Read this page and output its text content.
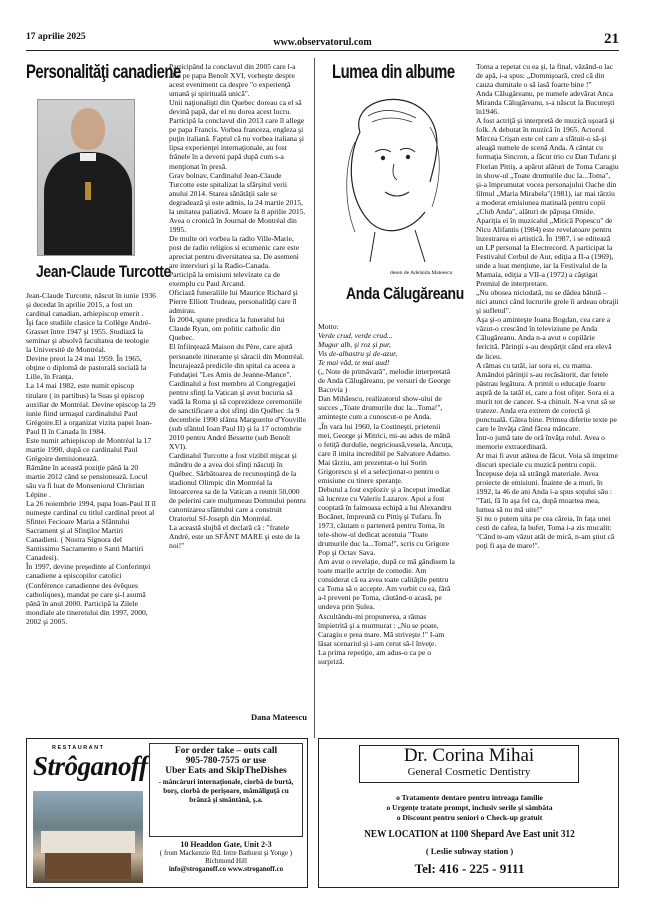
17 aprilie 2025	www.observatorul.com	21
Personalităţi canadiene
Jean-Claude Turcotte

Jean-Claude Turcotte, născut în iunie 1936 şi decedat în aprilie 2015, a fost un cardinal canadian, arhiepiscop emerit .

Îşi face studiile clasice la Collège André- Grasset între 1947 şi 1955. Studiază la seminar şi absolvă facultatea de teologie la Universitè de Montréal.

Devine preot la 24 mai 1959. În 1965, obţine o diplomă de pastorală socială la Lille, în Franţa.

La 14 mai 1982, este numit episcop titulare ( in partibus) la Suas şi episcop auxiliar de Montréal. Devine episcop la 29 iunie fiind urmaşul cardinalului Paul Grégoire.El a organizat vizita papei Ioan-Paul II în Canada în 1984.

Este numit arhiepiscop de Montréal la 17 martie 1990, după ce cardinalul Paul Grégoire demisionează.

Rămâne în această poziţie până la 20 martie 2012 când se pensionează. Locul său va fi luat de Monseniorul Christian Lépine .

La 26 noiembrie 1994, papa Ioan-Paul II îl numeşte cardinal cu titlul cardinal preot al Sfintei Fecioare Maria a Sfântului Sacrament şi al Sfinţilor Martiri Canadieni. ( Nostra Signora del Santissimo Sacramento e Santi Martiri Canadesi).

În 1997, devine preşedinte al Conferinţei canadiene a episcopilor catolici (Conférence canadienne des évêques catholiques), mandat pe care şi-l asumă până în anul 2000. Participă la Zilele mondiale ale tineretului din 1997, 2000, 2002 şi 2005.

Participând la conclavul din 2005 care l-a ales pe papa Benoît XVI, vorbeşte despre acest eveniment ca despre "o experienţă umană şi spirituală unică".

Unii naţionalişti din Quebec doreau ca el să devină papă, dar el nu dorea acest lucru.

Participă la conclavul din 2013 care îl allege pe papa Francis. Vorbea franceza, engleza şi puţin italiană. Faptul că nu vorbea italiana şi lipsa experienţei internaţionale, au fost frânele în a deveni papă după cum s-a menţionat în presă.

Grav bolnav, Cardinalul Jean-Claude Turcotte este spitalizat la sfârşitul verii anului 2014. Starea sănătăţii sale se degradează şi este admis, la 24 martie 2015, la unitatea paliativă. Moare la 8 aprilie 2015. Avea o cronică în Journal de Montréal din 1995.

De multe ori vorbea la radio Ville-Marie, post de radio religios si ecumenic care este apreciat pentru diversitatea sa. De asemeni are interviuri şi la Radio-Canada.

Participă la emisiuni televizate ca de exemplu cu Paul Arcand.

Oficiază funeraliile lui Maurice Richard şi Pierre Elliott Trudeau, personalităţi care îl admirau.

În 2004, spune predica la funeralul lui Claude Ryan, om politic catholic din Quebec.

El înfiinţează Maison du Père, care ajută persoanele itinerante şi săracii din Montréal. Încurajează predicile din spital ca aceea a Fundaţiei "Les Amis de Jeanne-Mance".

Cardinalul a fost membru al Congregaţiei pentru sfinţi la Vatican şi avut bucuria să vadă la Roma şi să coprezideze ceremoniile de sanctificare a doi sfinţi din Québec :la 9 decembrie 1990 sfânta Marguerite d'Youville (sub sfântul Ioan Paul II) şi la 17 octombrie 2010 pentru André Bessette (sub Benoît XVI).

Cardinalul Turcotte a fost vizibil mişcat şi mândru de a avea doi sfinţi născuţi în Québec. Sărbătoarea de recunoştinţă de la stadionul Olimpic din Montréal la întoarcerea sa de la Vatican a reunit 50,000 de pelerini care mulţumeau Domnului pentru canonizarea sfântului care a construit Oratoriul Sf-Joseph din Montréal.

La această slujbă el declară că : "fratele André, este un SFÂNT MARE şi este de la noi!"

Dana Mateescu
Lumea din albume
desen de Adelaida Mateescu
Anda Călugăreanu

Motto:

Verde crud, verde crud...

Mugur alb, şi roz şi pur,

Vis de-albastru şi de-azur,

Te mai văd, te mai aud!

(„ Note de primăvară", melodie interpretată de Anda Călugăreanu, pe versuri de George Bacovia )

Dan Mihăescu, realizatorul show-ului de succes „Toate drumurile duc la...Toma!", aminteşte cum a cunoscut-o pe Anda.

„În vara lui 1960, la Costineşti, prietenii mei, George şi Mitrici, mi-au adus de mână o fetiţă durdulie, negricioasă,vesela, Ancuţa, care îl imita incredibil pe Salvatore Adamo.

Mai târziu, am prezentat-o lui Sorin Grigorescu şi el a selecţionat-o pentru o emisiune cu tinere speranţe.

Debutul a fost exploziv şi a început imediat să lucreze cu Valeriu Lazarov. Apoi a fost cooptată în faimoasa echipă a lui Alexandru Bocănet, împreună cu Pittiş şi Tufaru. În 1973, căutam o parteneră pentru Toma, în tele-show-ul dedicat acestuia "Toate drumurile duc la...Toma!", scris cu Grigore Pop şi Octav Sava.

Am avut o revelaţie, după ce mă gândisem la toate marile actriţe de comedie. Am considerat că ea avea toate calităţile pentru ca Toma să o accepte. Am vorbit cu ea, fără a-l preveni pe Toma, căutând-o acasă, pe undeva prin Şulea.

Ascultându-mi propunerea, a rămas împietrită şi a murmurat : „Nu se poate, Caragiu e prea mare. Mă striveşte !" I-am lăsat scenariul şi i-am cerut să-l înveţe.

La prima repetiţie, am adus-o ca pe o surpriză.

Toma a repetat cu ea şi, la final, văzând-o lac de apă, i-a spus: „Domnişoară, cred că din cauza dumitale o să iasă foarte bine !"

Anda Călugăreanu, pe numele adevărat Anca Miranda Călugăreanu, s-a născut la Bucureşti în1946.

A fost actriţă şi interpretă de muzică uşoară şi folk. A debutat în muzică în 1965. Actorul Mircea Crişan este cel care a sfătuit-o să-şi aleagă numele de scenă Anda. A cântat cu formaţia Sincron, a făcut trio cu Dan Tufaru şi Florian Pittiş, a apărut alături de Toma Caragiu in show-ul „Toate drumurile duc la...Toma", şi-a împrumutat vocea personajului Oache din filmul „Maria Mirabela"(1981), iar mai târziu a moderat emisiunea matinală pentru copii „Club Anda", alături de păpuşa Omide. Apariţia ei în muzicalul „Mitică Popescu" de Nicu Alifantis (1984) este revelatoare pentru înzestrarea ei artistică. În 1987, i se editează un LP personal la Electrecord. A participat la Festivalul Cerbul de Aur, ediţia a II-a (1969), unde a luat menţiune, iar la Festivalul de la Mamaia, ediţia a VII-a (1972) a câştigat Premiul de interpretare.

„Nu obosea niciodată, nu se dădea bătută – nici atunci când lucrurile grele îi ardeau obrajii şi sufletul".

Aşa şi-o aminteşte Ioana Bogdan, cea care a văzut-o crescând în televiziune pe Anda Călugăreanu. Anda n-a avut o copilărie fericită. Părinţii s-au despărţit când era elevă de liceu.

A rămas cu tatăl, iar sora ei, cu mama. Amândoi părinţii s-au recăsătorit, dar fetele păstrau legătura. A primit o educaţie foarte aspră de la tatăl ei, care a fost ofiţer. Sora ei a murit tot de cancer. S-a chinuit. N-a vrut să se trateze. Anda era extrem de corectă şi punctuală. Gătea bine. Primea diferite texte pe care le învăţa când făcea mâncare.

Într-o jumă tate de oră învăţa rolul. Avea o memorie extraordinară.

Ar mai fi avut atâtea de făcut. Voia să imprime discuri speciale cu muzică pentru copii. Începuse deja să strângă materiale. Avea proiecte de emisiuni. Înainte de a muri, în 1992, la 46 de ani Anda i-a spus soţului său : "Tati, fă în aşa fel ca, după moartea mea, lumea să nu mă uite!"

Şi nu o putem uita pe cea căreia, în faţa unei cesti de cafea, la bufet, Toma i-a zis mucalit:

"Când te-am văzut atât de mică, n-am ştiut că poţi fi aşa de mare!".

RESTAURANT
Strôganoff	For order take – outs call
905-780-7575 or use
Uber Eats and SkipTheDishes
- mâncăruri internaţionale, ciorbă de burtă, borş, ciorbă de perişoare, mămăliguţă cu brânză şi smântână, ş.a.
10 Headdon Gate, Unit 2-3
( from Mackenzie Rd. Intre Bathurst şi Yonge ) Richmond Hill
info@stroganoff.co www.stroganoff.co
Dr. Corina Mihai
General Cosmetic Dentistry
o Tratamente dentare pentru intreaga familie
o Urgenţe tratate prompt, inclusiv serile şi sâmbăta
o Discount pentru seniori o Check-up gratuit
NEW LOCATION at 1100 Shepard Ave East unit 312
( Leslie subway station )
Tel: 416 - 225 - 9111
